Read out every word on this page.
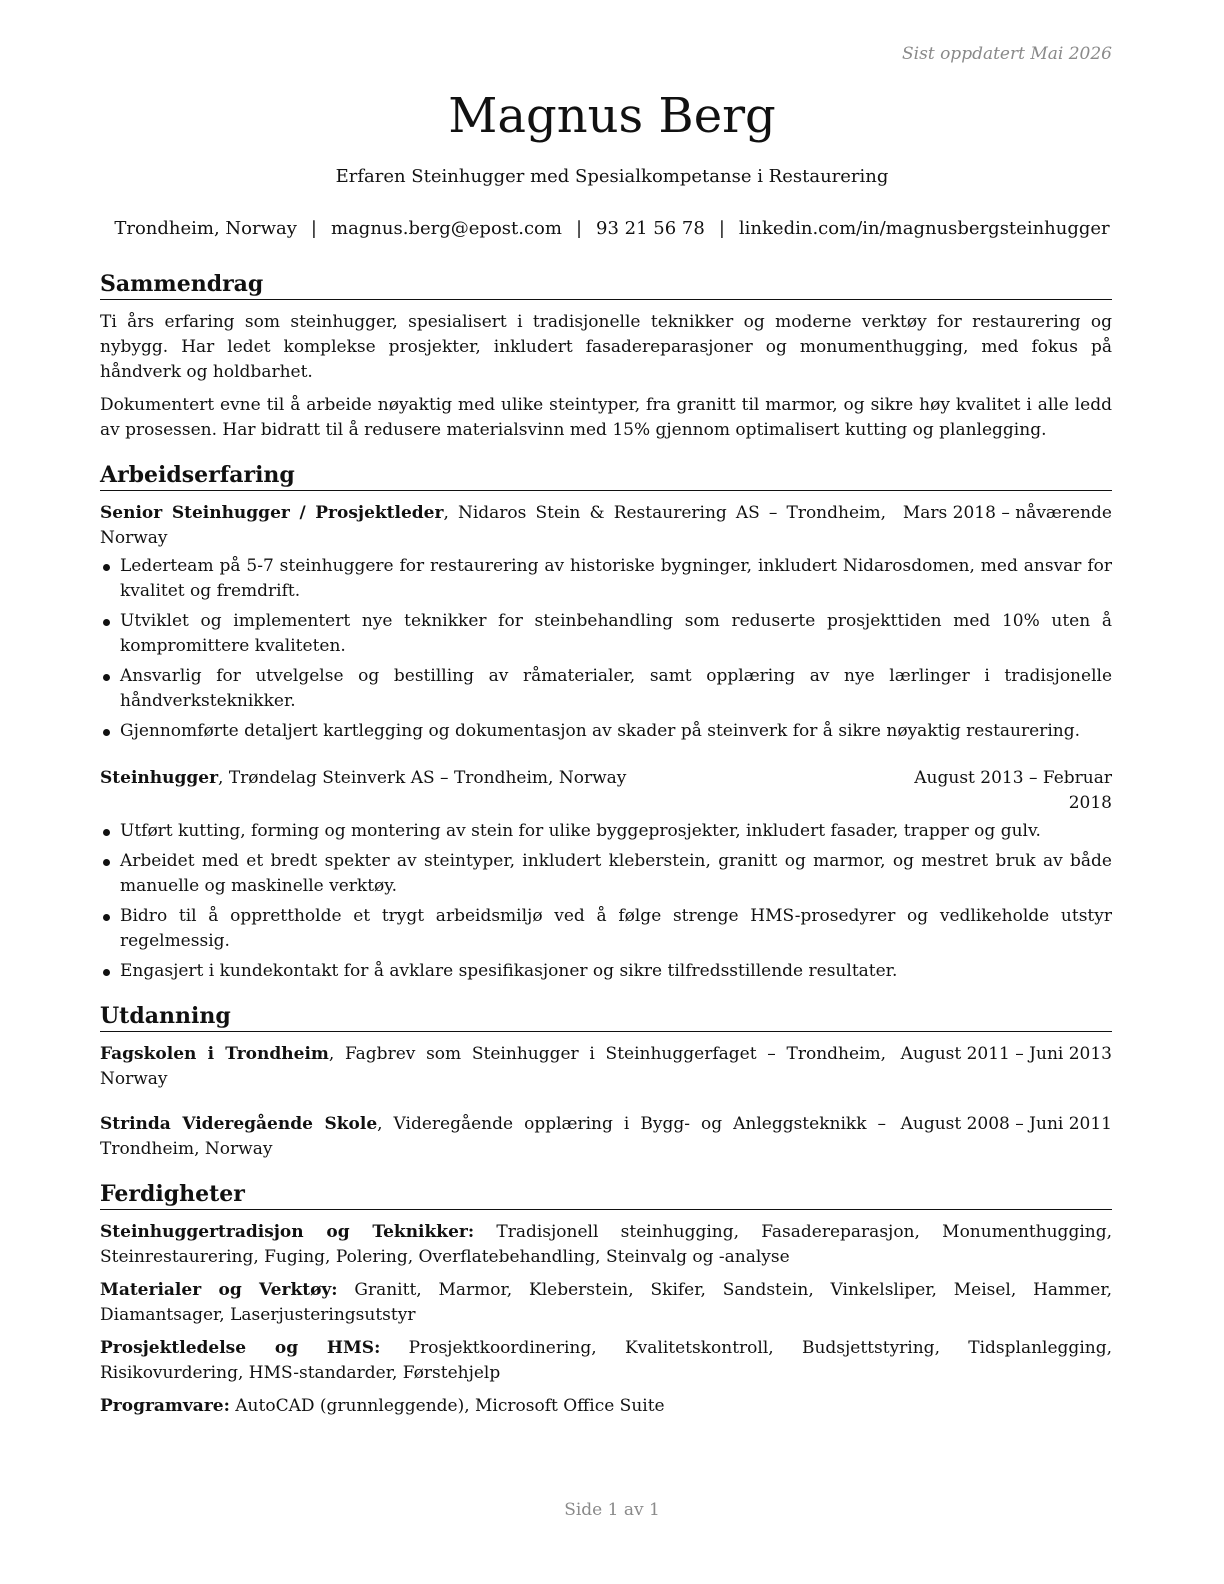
Sist oppdatert Mai 2026
Magnus Berg
Erfaren Steinhugger med Spesialkompetanse i Restaurering
Trondheim, Norway | magnus.berg@epost.com | 93 21 56 78 | linkedin.com/in/magnusbergsteinhugger
Sammendrag

Ti års erfaring som steinhugger, spesialisert i tradisjonelle teknikker og moderne verktøy for restaurering og nybygg. Har ledet komplekse prosjekter, inkludert fasadereparasjoner og monumenthugging, med fokus på håndverk og holdbarhet.

Dokumentert evne til å arbeide nøyaktig med ulike steintyper, fra granitt til marmor, og sikre høy kvalitet i alle ledd av prosessen. Har bidratt til å redusere materialsvinn med 15% gjennom optimalisert kutting og planlegging.

Arbeidserfaring
Senior Steinhugger / Prosjektleder, Nidaros Stein & Restaurering AS – Trondheim, Norway
Mars 2018 – nåværende
Lederteam på 5-7 steinhuggere for restaurering av historiske bygninger, inkludert Nidarosdomen, med ansvar for kvalitet og fremdrift.
Utviklet og implementert nye teknikker for steinbehandling som reduserte prosjekttiden med 10% uten å kompromittere kvaliteten.
Ansvarlig for utvelgelse og bestilling av råmaterialer, samt opplæring av nye lærlinger i tradisjonelle håndverksteknikker.
Gjennomførte detaljert kartlegging og dokumentasjon av skader på steinverk for å sikre nøyaktig restaurering.
Steinhugger, Trøndelag Steinverk AS – Trondheim, Norway	August 2013 – Februar 2018
Utført kutting, forming og montering av stein for ulike byggeprosjekter, inkludert fasader, trapper og gulv.
Arbeidet med et bredt spekter av steintyper, inkludert kleberstein, granitt og marmor, og mestret bruk av både manuelle og maskinelle verktøy.
Bidro til å opprettholde et trygt arbeidsmiljø ved å følge strenge HMS-prosedyrer og vedlikeholde utstyr regelmessig.
Engasjert i kundekontakt for å avklare spesifikasjoner og sikre tilfredsstillende resultater.
Utdanning
Fagskolen i Trondheim, Fagbrev som Steinhugger i Steinhuggerfaget – Trondheim, Norway
August 2011 – Juni 2013
Strinda Videregående Skole, Videregående opplæring i Bygg- og Anleggsteknikk – Trondheim, Norway
August 2008 – Juni 2011
Ferdigheter
Steinhuggertradisjon og Teknikker: Tradisjonell steinhugging, Fasadereparasjon, Monumenthugging, Steinrestaurering, Fuging, Polering, Overflatebehandling, Steinvalg og -analyse
Materialer og Verktøy: Granitt, Marmor, Kleberstein, Skifer, Sandstein, Vinkelsliper, Meisel, Hammer, Diamantsager, Laserjusteringsutstyr
Prosjektledelse og HMS: Prosjektkoordinering, Kvalitetskontroll, Budsjettstyring, Tidsplanlegging, Risikovurdering, HMS-standarder, Førstehjelp
Programvare: AutoCAD (grunnleggende), Microsoft Office Suite
Side 1 av 1
